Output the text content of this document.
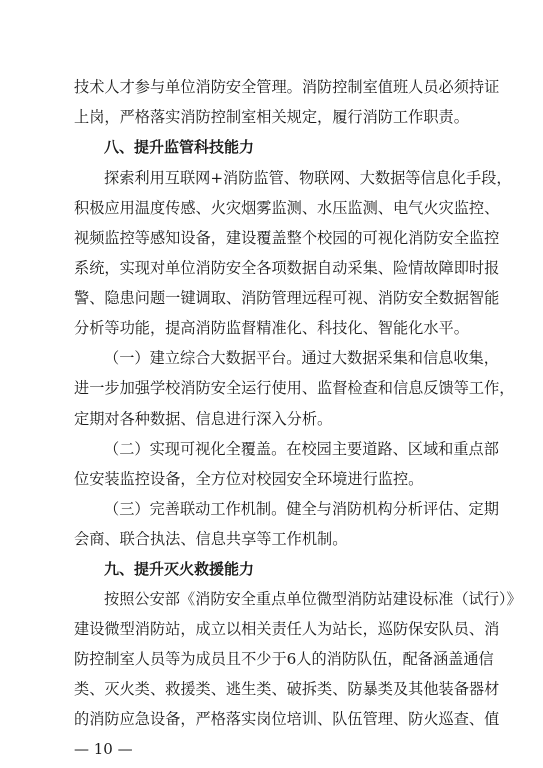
技术人才参与单位消防安全管理。消防控制室值班人员必须持证
上岗，严格落实消防控制室相关规定，履行消防工作职责。
八、提升监管科技能力
探索利用互联网+消防监管、物联网、大数据等信息化手段，
积极应用温度传感、火灾烟雾监测、水压监测、电气火灾监控、
视频监控等感知设备，建设覆盖整个校园的可视化消防安全监控
系统，实现对单位消防安全各项数据自动采集、险情故障即时报
警、隐患问题一键调取、消防管理远程可视、消防安全数据智能
分析等功能，提高消防监督精准化、科技化、智能化水平。
（一）建立综合大数据平台。通过大数据采集和信息收集，
进一步加强学校消防安全运行使用、监督检查和信息反馈等工作，
定期对各种数据、信息进行深入分析。
（二）实现可视化全覆盖。在校园主要道路、区域和重点部
位安装监控设备，全方位对校园安全环境进行监控。
（三）完善联动工作机制。健全与消防机构分析评估、定期
会商、联合执法、信息共享等工作机制。
九、提升灭火救援能力
按照公安部《消防安全重点单位微型消防站建设标准（试行）》
建设微型消防站，成立以相关责任人为站长，巡防保安队员、消
防控制室人员等为成员且不少于6人的消防队伍，配备涵盖通信
类、灭火类、救援类、逃生类、破拆类、防暴类及其他装备器材
的消防应急设备，严格落实岗位培训、队伍管理、防火巡查、值
— 10 —
